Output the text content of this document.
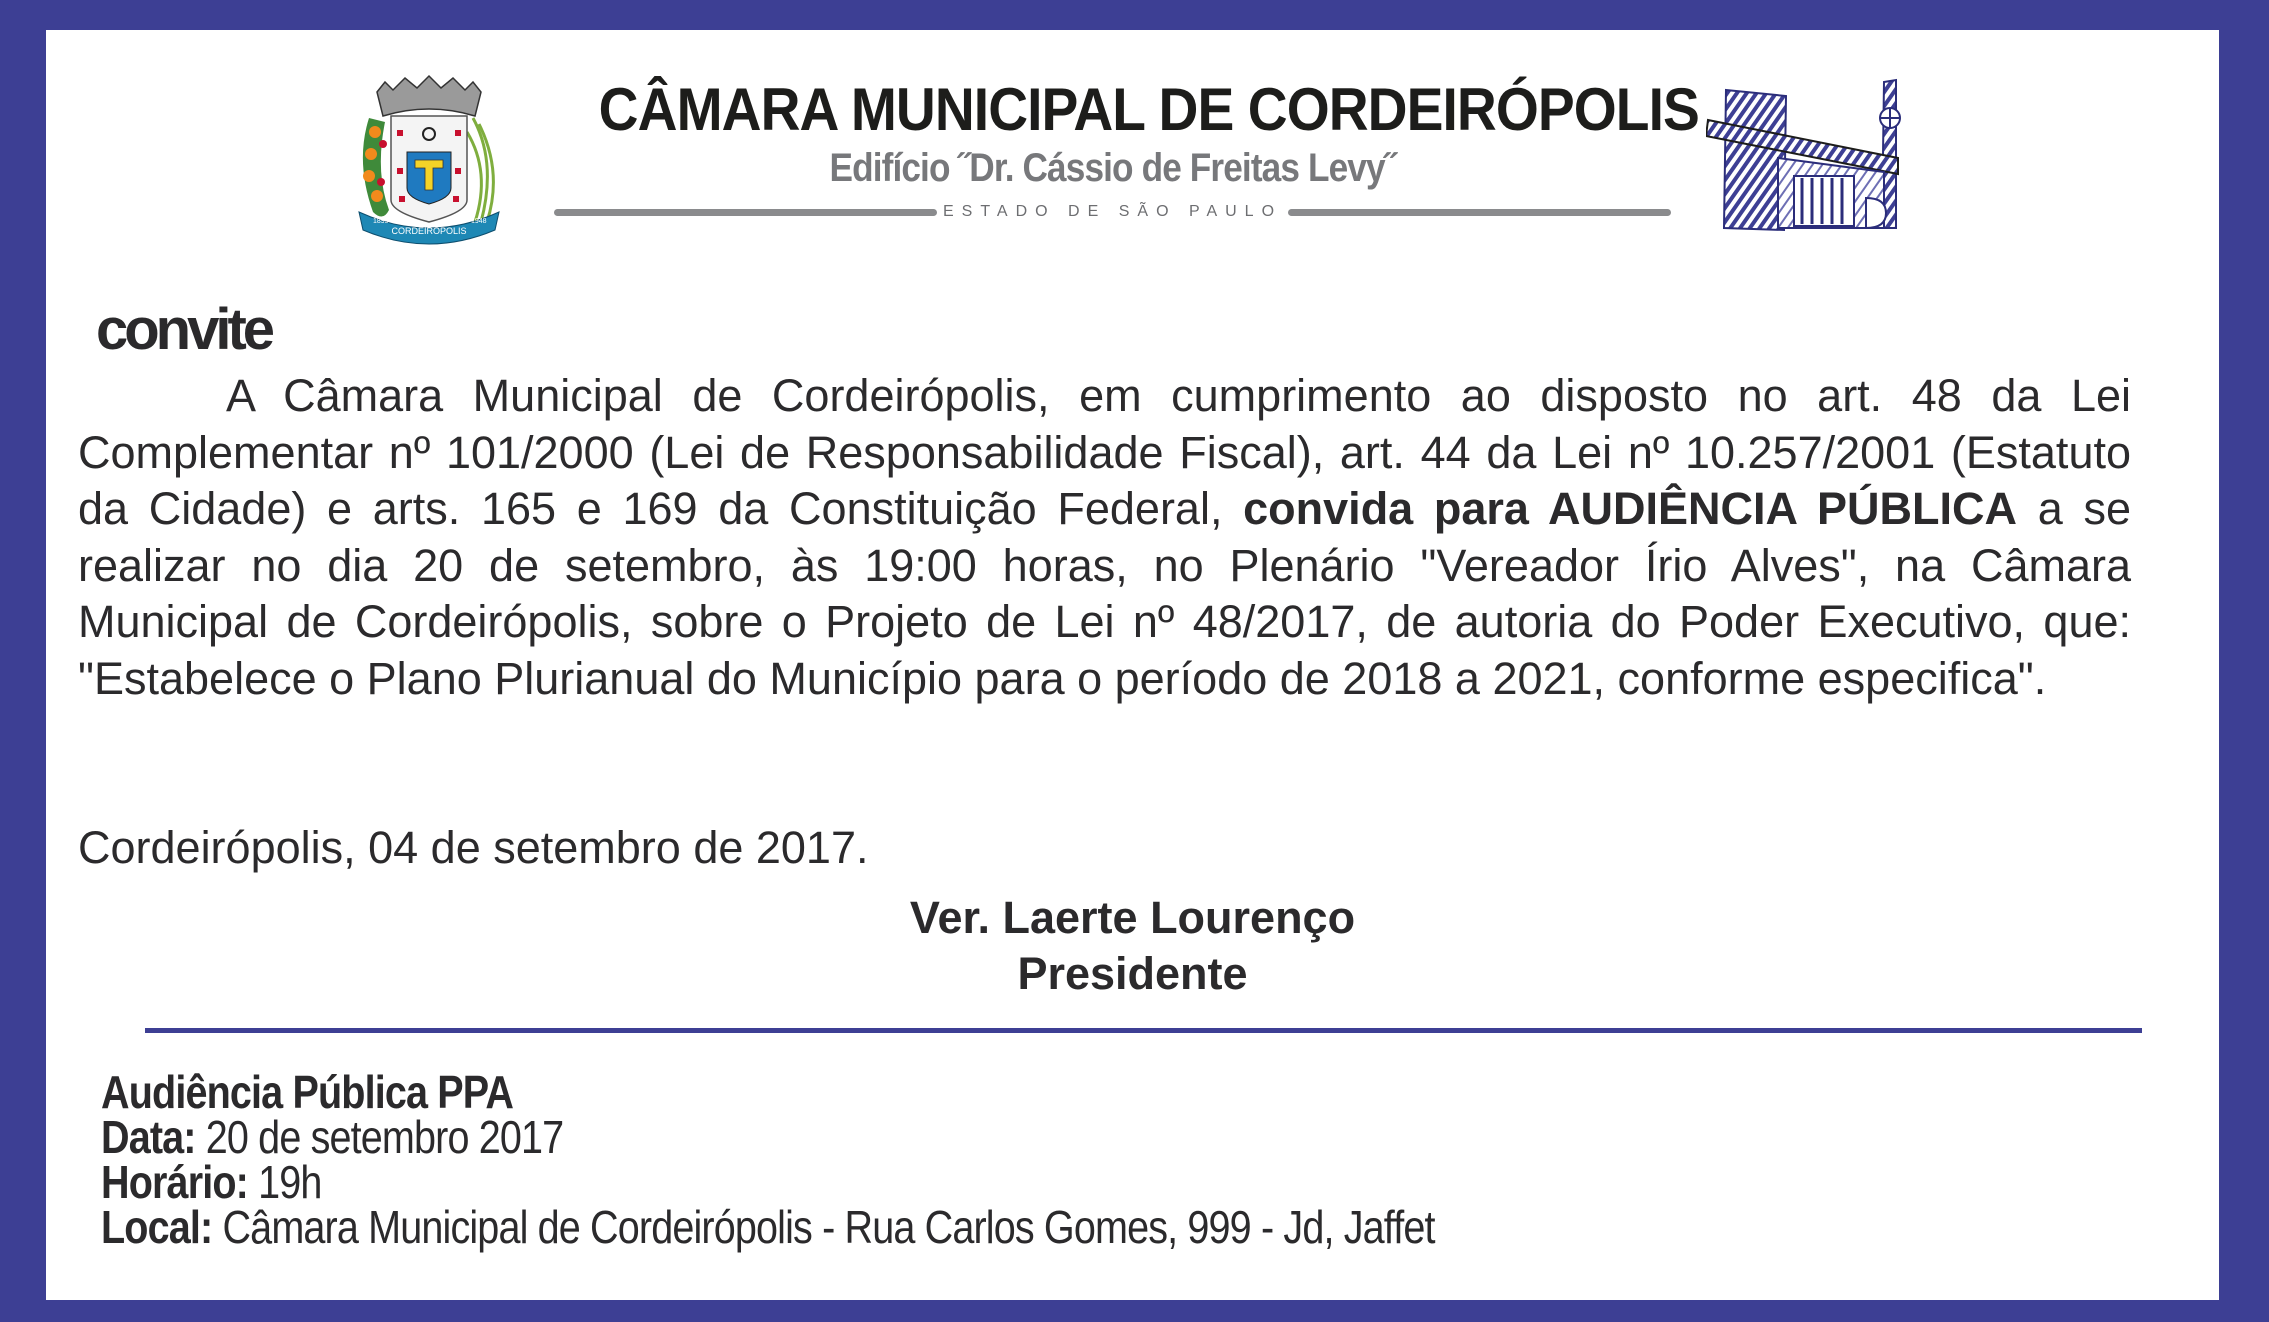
CORDEIRÓPOLIS
1899	1948
CÂMARA MUNICIPAL DE CORDEIRÓPOLIS
Edifício ˝Dr. Cássio de Freitas Levy˝
ESTADO DE SÃO PAULO
convite
A Câmara Municipal de Cordeirópolis, em cumprimento ao disposto no art. 48 da Lei Complementar nº 101/2000 (Lei de Responsabilidade Fiscal), art. 44 da Lei nº 10.257/2001 (Estatuto da Cidade) e arts. 165 e 169 da Constituição Federal, convida para AUDIÊNCIA PÚBLICA a se realizar no dia 20 de setembro, às 19:00 horas, no Plenário "Vereador Írio Alves", na Câmara Municipal de Cordeirópolis, sobre o Projeto de Lei nº 48/2017, de autoria do Poder Executivo, que: "Estabelece o Plano Plurianual do Município para o período de 2018 a 2021, conforme especifica".
Cordeirópolis, 04 de setembro de 2017.
Ver. Laerte Lourenço
Presidente
Audiência Pública PPA
Data: 20 de setembro 2017
Horário: 19h
Local: Câmara Municipal de Cordeirópolis - Rua Carlos Gomes, 999 - Jd, Jaffet
